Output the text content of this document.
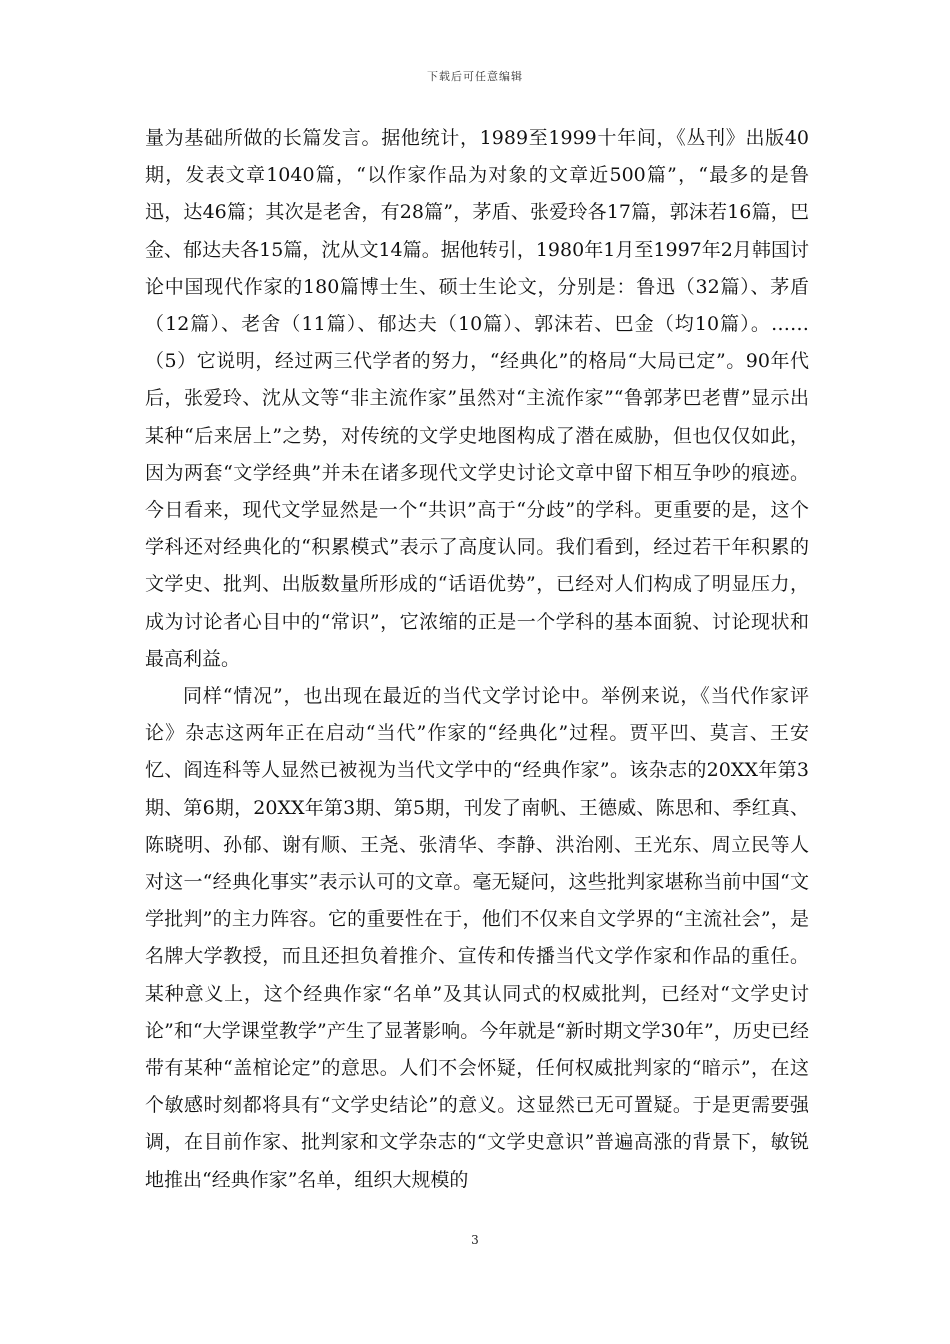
下载后可任意编辑

量为基础所做的长篇发言。据他统计，1989至1999十年间，《丛刊》出版40期，发表文章1040篇，“以作家作品为对象的文章近500篇”，“最多的是鲁迅，达46篇；其次是老舍，有28篇”，茅盾、张爱玲各17篇，郭沫若16篇，巴金、郁达夫各15篇，沈从文14篇。据他转引，1980年1月至1997年2月韩国讨论中国现代作家的180篇博士生、硕士生论文，分别是：鲁迅（32篇）、茅盾（12篇）、老舍（11篇）、郁达夫（10篇）、郭沫若、巴金（均10篇）。……（5）它说明，经过两三代学者的努力，“经典化”的格局“大局已定”。90年代后，张爱玲、沈从文等“非主流作家”虽然对“主流作家”“鲁郭茅巴老曹”显示出某种“后来居上”之势，对传统的文学史地图构成了潜在威胁，但也仅仅如此，因为两套“文学经典”并未在诸多现代文学史讨论文章中留下相互争吵的痕迹。今日看来，现代文学显然是一个“共识”高于“分歧”的学科。更重要的是，这个学科还对经典化的“积累模式”表示了高度认同。我们看到，经过若干年积累的文学史、批判、出版数量所形成的“话语优势”，已经对人们构成了明显压力，成为讨论者心目中的“常识”，它浓缩的正是一个学科的基本面貌、讨论现状和最高利益。

同样“情况”，也出现在最近的当代文学讨论中。举例来说，《当代作家评论》杂志这两年正在启动“当代”作家的“经典化”过程。贾平凹、莫言、王安忆、阎连科等人显然已被视为当代文学中的“经典作家”。该杂志的20XX年第3期、第6期，20XX年第3期、第5期，刊发了南帆、王德威、陈思和、季红真、陈晓明、孙郁、谢有顺、王尧、张清华、李静、洪治刚、王光东、周立民等人对这一“经典化事实”表示认可的文章。毫无疑问，这些批判家堪称当前中国“文学批判”的主力阵容。它的重要性在于，他们不仅来自文学界的“主流社会”，是名牌大学教授，而且还担负着推介、宣传和传播当代文学作家和作品的重任。某种意义上，这个经典作家“名单”及其认同式的权威批判，已经对“文学史讨论”和“大学课堂教学”产生了显著影响。今年就是“新时期文学30年”，历史已经带有某种“盖棺论定”的意思。人们不会怀疑，任何权威批判家的“暗示”，在这个敏感时刻都将具有“文学史结论”的意义。这显然已无可置疑。于是更需要强调，在目前作家、批判家和文学杂志的“文学史意识”普遍高涨的背景下，敏锐地推出“经典作家”名单，组织大规模的

3
